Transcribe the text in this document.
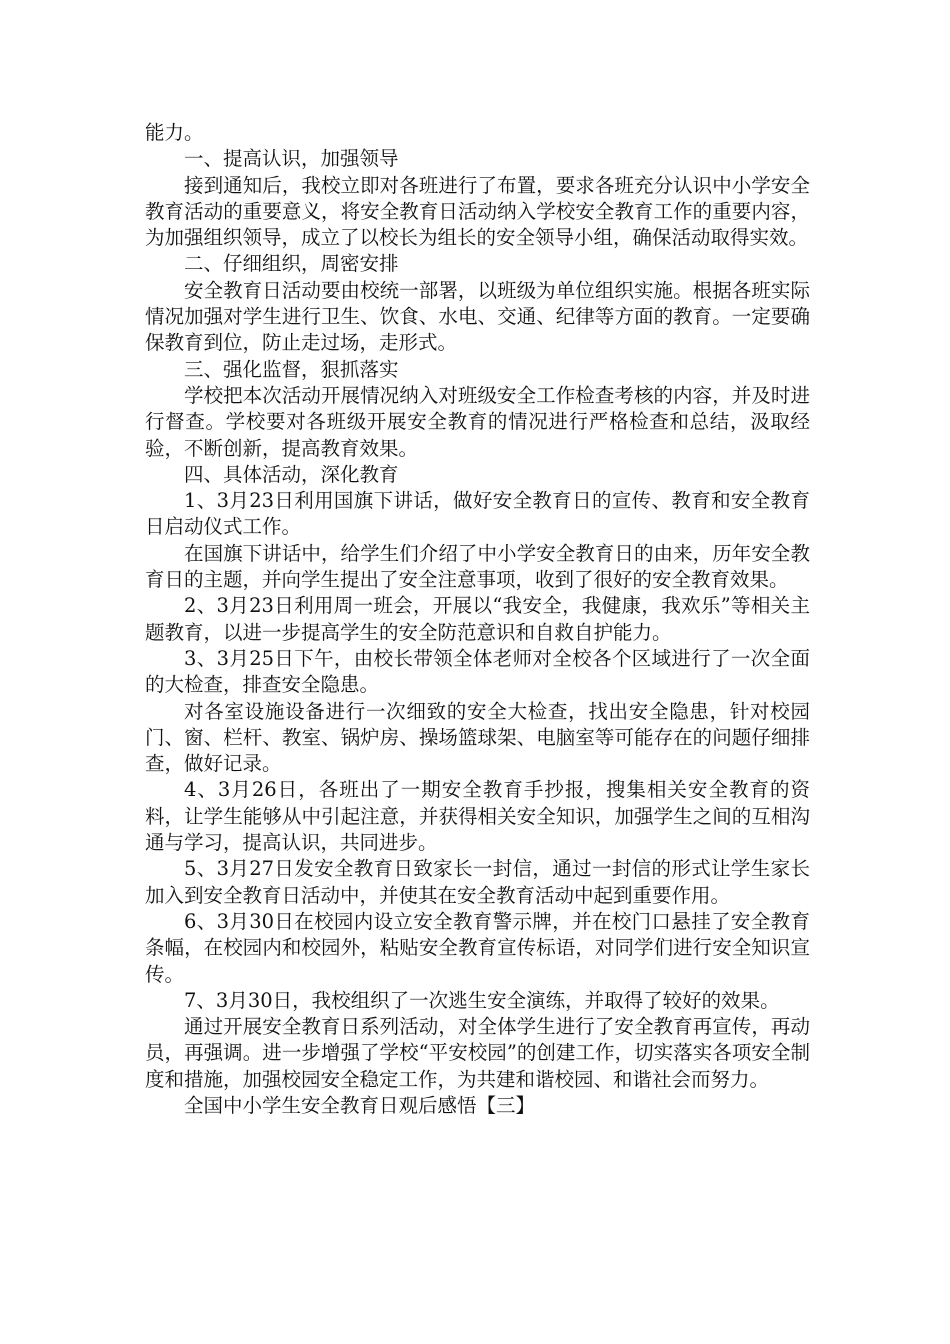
能力。

一、提高认识，加强领导

接到通知后，我校立即对各班进行了布置，要求各班充分认识中小学安全教育活动的重要意义，将安全教育日活动纳入学校安全教育工作的重要内容，为加强组织领导，成立了以校长为组长的安全领导小组，确保活动取得实效。

二、仔细组织，周密安排

安全教育日活动要由校统一部署，以班级为单位组织实施。根据各班实际情况加强对学生进行卫生、饮食、水电、交通、纪律等方面的教育。一定要确保教育到位，防止走过场，走形式。

三、强化监督，狠抓落实

学校把本次活动开展情况纳入对班级安全工作检查考核的内容，并及时进行督查。学校要对各班级开展安全教育的情况进行严格检查和总结，汲取经验，不断创新，提高教育效果。

四、具体活动，深化教育

1、3月23日利用国旗下讲话，做好安全教育日的宣传、教育和安全教育日启动仪式工作。

在国旗下讲话中，给学生们介绍了中小学安全教育日的由来，历年安全教育日的主题，并向学生提出了安全注意事项，收到了很好的安全教育效果。

2、3月23日利用周一班会，开展以“我安全，我健康，我欢乐”等相关主题教育，以进一步提高学生的安全防范意识和自救自护能力。

3、3月25日下午，由校长带领全体老师对全校各个区域进行了一次全面的大检查，排查安全隐患。

对各室设施设备进行一次细致的安全大检查，找出安全隐患，针对校园门、窗、栏杆、教室、锅炉房、操场篮球架、电脑室等可能存在的问题仔细排查，做好记录。

4、3月26日，各班出了一期安全教育手抄报，搜集相关安全教育的资料，让学生能够从中引起注意，并获得相关安全知识，加强学生之间的互相沟通与学习，提高认识，共同进步。

5、3月27日发安全教育日致家长一封信，通过一封信的形式让学生家长加入到安全教育日活动中，并使其在安全教育活动中起到重要作用。

6、3月30日在校园内设立安全教育警示牌，并在校门口悬挂了安全教育条幅，在校园内和校园外，粘贴安全教育宣传标语，对同学们进行安全知识宣传。

7、3月30日，我校组织了一次逃生安全演练，并取得了较好的效果。

通过开展安全教育日系列活动，对全体学生进行了安全教育再宣传，再动员，再强调。进一步增强了学校“平安校园”的创建工作，切实落实各项安全制度和措施，加强校园安全稳定工作，为共建和谐校园、和谐社会而努力。

全国中小学生安全教育日观后感悟【三】
